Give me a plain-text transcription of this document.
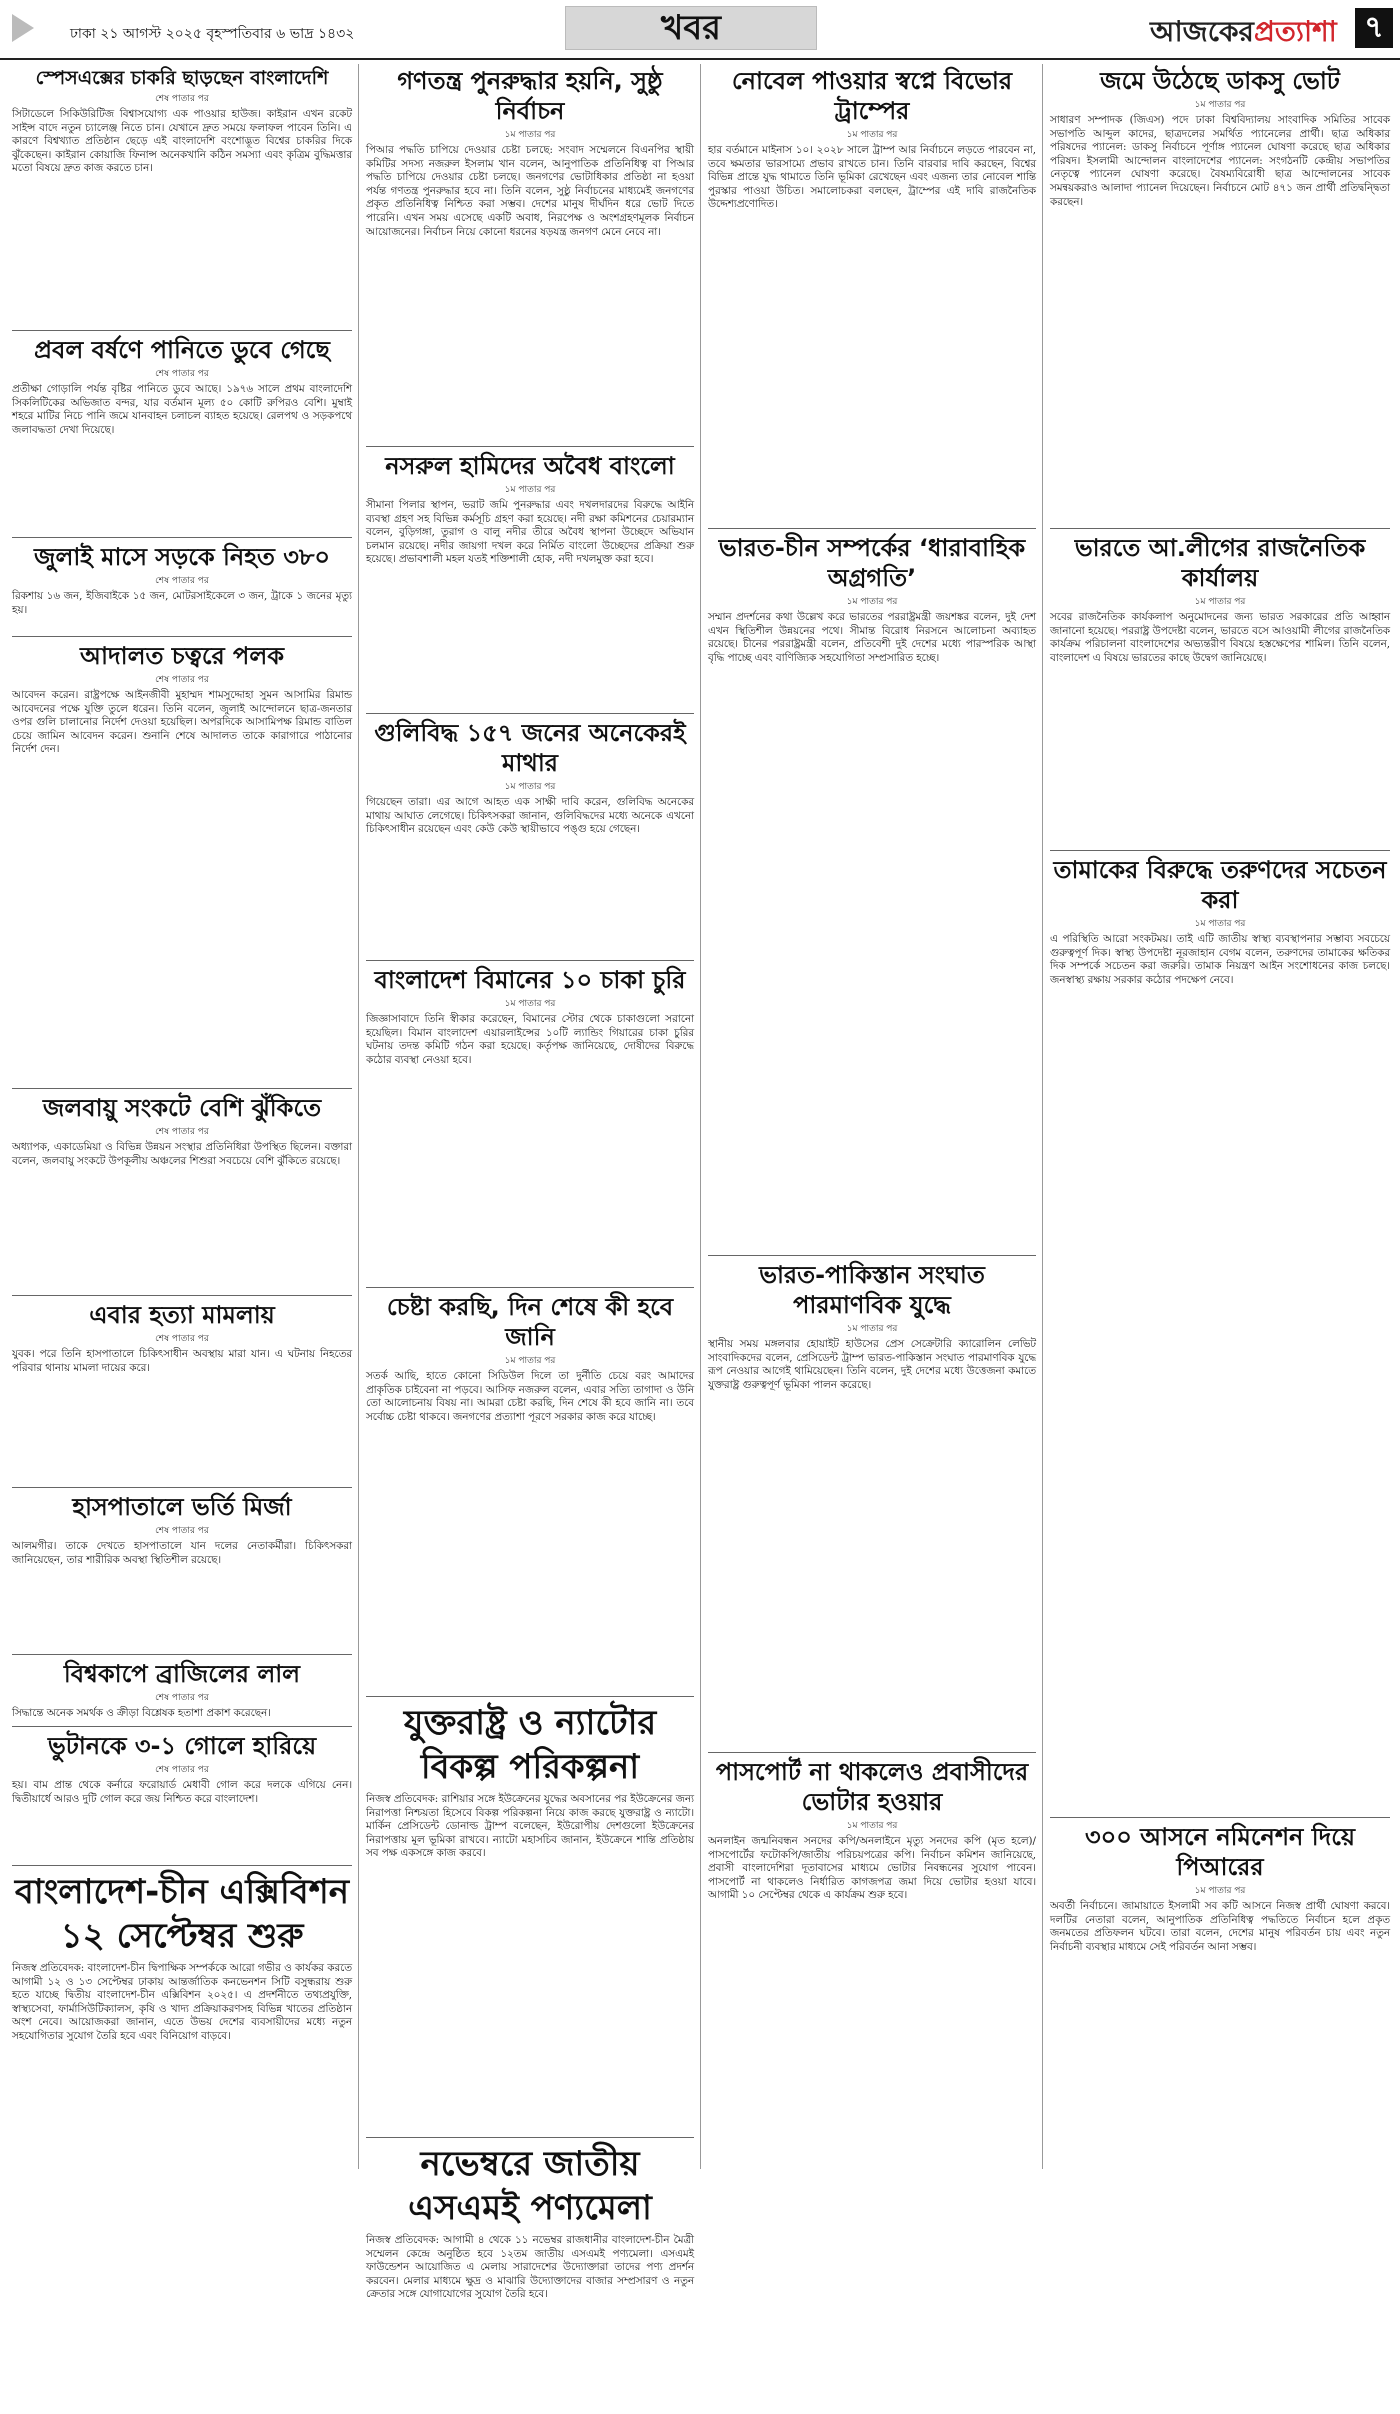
ঢাকা ২১ আগস্ট ২০২৫ বৃহস্পতিবার ৬ ভাদ্র ১৪৩২	খবর	আজকেরপ্রত্যাশা ৭
স্পেসএক্সের চাকরি ছাড়ছেন বাংলাদেশি
শেষ পাতার পর

সিটাডেলে সিকিউরিটিজ বিশ্বাসযোগ্য এক পাওয়ার হাউজ। কাইরান এখন রকেট সাইন্স বাদে নতুন চ্যালেঞ্জ নিতে চান। যেখানে দ্রুত সময়ে ফলাফল পাবেন তিনি। এ কারণে বিশ্বখ্যাত প্রতিষ্ঠান ছেড়ে এই বাংলাদেশি বংশোদ্ভূত বিশ্বের চাকরির দিকে ঝুঁকেছেন। কাইরান কোয়াজি ফিনান্স অনেকখানি কঠিন সমস্যা এবং কৃত্রিম বুদ্ধিমত্তার মতো বিষয়ে দ্রুত কাজ করতে চান।

প্রবল বর্ষণে পানিতে ডুবে গেছে
শেষ পাতার পর

প্রতীক্ষা গোড়ালি পর্যন্ত বৃষ্টির পানিতে ডুবে আছে। ১৯৭৬ সালে প্রথম বাংলাদেশি সিকলিটিকের অভিজাত বন্দর, যার বর্তমান মূল্য ৫০ কোটি রুপিরও বেশি। মুম্বাই শহরে মাটির নিচে পানি জমে যানবাহন চলাচল ব্যাহত হয়েছে। রেলপথ ও সড়কপথে জলাবদ্ধতা দেখা দিয়েছে।

জুলাই মাসে সড়কে নিহত ৩৮০
শেষ পাতার পর

রিকশায় ১৬ জন, ইজিবাইকে ১৫ জন, মোটরসাইকেলে ৩ জন, ট্রাকে ১ জনের মৃত্যু হয়।

আদালত চত্বরে পলক
শেষ পাতার পর

আবেদন করেন। রাষ্ট্রপক্ষে আইনজীবী মুহাম্মদ শামসুদ্দোহা সুমন আসামির রিমান্ড আবেদনের পক্ষে যুক্তি তুলে ধরেন। তিনি বলেন, জুলাই আন্দোলনে ছাত্র-জনতার ওপর গুলি চালানোর নির্দেশ দেওয়া হয়েছিল। অপরদিকে আসামিপক্ষ রিমান্ড বাতিল চেয়ে জামিন আবেদন করেন। শুনানি শেষে আদালত তাকে কারাগারে পাঠানোর নির্দেশ দেন।

জলবায়ু সংকটে বেশি ঝুঁকিতে
শেষ পাতার পর

অধ্যাপক, একাডেমিয়া ও বিভিন্ন উন্নয়ন সংস্থার প্রতিনিধিরা উপস্থিত ছিলেন। বক্তারা বলেন, জলবায়ু সংকটে উপকূলীয় অঞ্চলের শিশুরা সবচেয়ে বেশি ঝুঁকিতে রয়েছে।

এবার হত্যা মামলায়
শেষ পাতার পর

যুবক। পরে তিনি হাসপাতালে চিকিৎসাধীন অবস্থায় মারা যান। এ ঘটনায় নিহতের পরিবার থানায় মামলা দায়ের করে।

হাসপাতালে ভর্তি মির্জা
শেষ পাতার পর

আলমগীর। তাকে দেখতে হাসপাতালে যান দলের নেতাকর্মীরা। চিকিৎসকরা জানিয়েছেন, তার শারীরিক অবস্থা স্থিতিশীল রয়েছে।

বিশ্বকাপে ব্রাজিলের লাল
শেষ পাতার পর

সিদ্ধান্তে অনেক সমর্থক ও ক্রীড়া বিশ্লেষক হতাশা প্রকাশ করেছেন।

ভুটানকে ৩-১ গোলে হারিয়ে
শেষ পাতার পর

হয়। বাম প্রান্ত থেকে কর্নারে ফরোয়ার্ড মেধাবী গোল করে দলকে এগিয়ে নেন। দ্বিতীয়ার্ধে আরও দুটি গোল করে জয় নিশ্চিত করে বাংলাদেশ।

বাংলাদেশ-চীন এক্সিবিশন ১২ সেপ্টেম্বর শুরু

নিজস্ব প্রতিবেদক: বাংলাদেশ-চীন দ্বিপাক্ষিক সম্পর্ককে আরো গভীর ও কার্যকর করতে আগামী ১২ ও ১৩ সেপ্টেম্বর ঢাকায় আন্তর্জাতিক কনভেনশন সিটি বসুন্ধরায় শুরু হতে যাচ্ছে দ্বিতীয় বাংলাদেশ-চীন এক্সিবিশন ২০২৫। এ প্রদর্শনীতে তথ্যপ্রযুক্তি, স্বাস্থ্যসেবা, ফার্মাসিউটিক্যালস, কৃষি ও খাদ্য প্রক্রিয়াকরণসহ বিভিন্ন খাতের প্রতিষ্ঠান অংশ নেবে। আয়োজকরা জানান, এতে উভয় দেশের ব্যবসায়ীদের মধ্যে নতুন সহযোগিতার সুযোগ তৈরি হবে এবং বিনিয়োগ বাড়বে।

গণতন্ত্র পুনরুদ্ধার হয়নি, সুষ্ঠু নির্বাচন
১ম পাতার পর

পিআর পদ্ধতি চাপিয়ে দেওয়ার চেষ্টা চলছে: সংবাদ সম্মেলনে বিএনপির স্থায়ী কমিটির সদস্য নজরুল ইসলাম খান বলেন, আনুপাতিক প্রতিনিধিত্ব বা পিআর পদ্ধতি চাপিয়ে দেওয়ার চেষ্টা চলছে। জনগণের ভোটাধিকার প্রতিষ্ঠা না হওয়া পর্যন্ত গণতন্ত্র পুনরুদ্ধার হবে না। তিনি বলেন, সুষ্ঠু নির্বাচনের মাধ্যমেই জনগণের প্রকৃত প্রতিনিধিত্ব নিশ্চিত করা সম্ভব। দেশের মানুষ দীর্ঘদিন ধরে ভোট দিতে পারেনি। এখন সময় এসেছে একটি অবাধ, নিরপেক্ষ ও অংশগ্রহণমূলক নির্বাচন আয়োজনের। নির্বাচন নিয়ে কোনো ধরনের ষড়যন্ত্র জনগণ মেনে নেবে না।

নসরুল হামিদের অবৈধ বাংলো
১ম পাতার পর

সীমানা পিলার স্থাপন, ভরাট জমি পুনরুদ্ধার এবং দখলদারদের বিরুদ্ধে আইনি ব্যবস্থা গ্রহণ সহ বিভিন্ন কর্মসূচি গ্রহণ করা হয়েছে। নদী রক্ষা কমিশনের চেয়ারম্যান বলেন, বুড়িগঙ্গা, তুরাগ ও বালু নদীর তীরে অবৈধ স্থাপনা উচ্ছেদে অভিযান চলমান রয়েছে। নদীর জায়গা দখল করে নির্মিত বাংলো উচ্ছেদের প্রক্রিয়া শুরু হয়েছে। প্রভাবশালী মহল যতই শক্তিশালী হোক, নদী দখলমুক্ত করা হবে।

গুলিবিদ্ধ ১৫৭ জনের অনেকেরই মাথার
১ম পাতার পর

গিয়েছেন তারা। এর আগে আহত এক সাক্ষী দাবি করেন, গুলিবিদ্ধ অনেকের মাথায় আঘাত লেগেছে। চিকিৎসকরা জানান, গুলিবিদ্ধদের মধ্যে অনেকে এখনো চিকিৎসাধীন রয়েছেন এবং কেউ কেউ স্থায়ীভাবে পঙ্গু হয়ে গেছেন।

বাংলাদেশ বিমানের ১০ চাকা চুরি
১ম পাতার পর

জিজ্ঞাসাবাদে তিনি স্বীকার করেছেন, বিমানের স্টোর থেকে চাকাগুলো সরানো হয়েছিল। বিমান বাংলাদেশ এয়ারলাইন্সের ১০টি ল্যান্ডিং গিয়ারের চাকা চুরির ঘটনায় তদন্ত কমিটি গঠন করা হয়েছে। কর্তৃপক্ষ জানিয়েছে, দোষীদের বিরুদ্ধে কঠোর ব্যবস্থা নেওয়া হবে।

চেষ্টা করছি, দিন শেষে কী হবে জানি
১ম পাতার পর

সতর্ক আছি, হাতে কোনো সিডিউল দিলে তা দুর্নীতি চেয়ে বরং আমাদের প্রাকৃতিক চাইবেনা না পড়বে। আসিফ নজরুল বলেন, এবার সত্যি তাগাদা ও উনি তো আলোচনায় বিষয় না। আমরা চেষ্টা করছি, দিন শেষে কী হবে জানি না। তবে সর্বোচ্চ চেষ্টা থাকবে। জনগণের প্রত্যাশা পূরণে সরকার কাজ করে যাচ্ছে।

যুক্তরাষ্ট্র ও ন্যাটোর বিকল্প পরিকল্পনা

নিজস্ব প্রতিবেদক: রাশিয়ার সঙ্গে ইউক্রেনের যুদ্ধের অবসানের পর ইউক্রেনের জন্য নিরাপত্তা নিশ্চয়তা হিসেবে বিকল্প পরিকল্পনা নিয়ে কাজ করছে যুক্তরাষ্ট্র ও ন্যাটো। মার্কিন প্রেসিডেন্ট ডোনাল্ড ট্রাম্প বলেছেন, ইউরোপীয় দেশগুলো ইউক্রেনের নিরাপত্তায় মূল ভূমিকা রাখবে। ন্যাটো মহাসচিব জানান, ইউক্রেনে শান্তি প্রতিষ্ঠায় সব পক্ষ একসঙ্গে কাজ করবে।

নভেম্বরে জাতীয় এসএমই পণ্যমেলা

নিজস্ব প্রতিবেদক: আগামী ৪ থেকে ১১ নভেম্বর রাজধানীর বাংলাদেশ-চীন মৈত্রী সম্মেলন কেন্দ্রে অনুষ্ঠিত হবে ১২তম জাতীয় এসএমই পণ্যমেলা। এসএমই ফাউন্ডেশন আয়োজিত এ মেলায় সারাদেশের উদ্যোক্তারা তাদের পণ্য প্রদর্শন করবেন। মেলার মাধ্যমে ক্ষুদ্র ও মাঝারি উদ্যোক্তাদের বাজার সম্প্রসারণ ও নতুন ক্রেতার সঙ্গে যোগাযোগের সুযোগ তৈরি হবে।

নোবেল পাওয়ার স্বপ্নে বিভোর ট্রাম্পের
১ম পাতার পর

হার বর্তমানে মাইনাস ১০। ২০২৮ সালে ট্রাম্প আর নির্বাচনে লড়তে পারবেন না, তবে ক্ষমতার ভারসাম্যে প্রভাব রাখতে চান। তিনি বারবার দাবি করছেন, বিশ্বের বিভিন্ন প্রান্তে যুদ্ধ থামাতে তিনি ভূমিকা রেখেছেন এবং এজন্য তার নোবেল শান্তি পুরস্কার পাওয়া উচিত। সমালোচকরা বলছেন, ট্রাম্পের এই দাবি রাজনৈতিক উদ্দেশ্যপ্রণোদিত।

ভারত-চীন সম্পর্কের ‘ধারাবাহিক অগ্রগতি’
১ম পাতার পর

সম্মান প্রদর্শনের কথা উল্লেখ করে ভারতের পররাষ্ট্রমন্ত্রী জয়শঙ্কর বলেন, দুই দেশ এখন স্থিতিশীল উন্নয়নের পথে। সীমান্ত বিরোধ নিরসনে আলোচনা অব্যাহত রয়েছে। চীনের পররাষ্ট্রমন্ত্রী বলেন, প্রতিবেশী দুই দেশের মধ্যে পারস্পরিক আস্থা বৃদ্ধি পাচ্ছে এবং বাণিজ্যিক সহযোগিতা সম্প্রসারিত হচ্ছে।

ভারত-পাকিস্তান সংঘাত পারমাণবিক যুদ্ধে
১ম পাতার পর

স্থানীয় সময় মঙ্গলবার হোয়াইট হাউসের প্রেস সেক্রেটারি ক্যারোলিন লেভিট সাংবাদিকদের বলেন, প্রেসিডেন্ট ট্রাম্প ভারত-পাকিস্তান সংঘাত পারমাণবিক যুদ্ধে রূপ নেওয়ার আগেই থামিয়েছেন। তিনি বলেন, দুই দেশের মধ্যে উত্তেজনা কমাতে যুক্তরাষ্ট্র গুরুত্বপূর্ণ ভূমিকা পালন করেছে।

পাসপোর্ট না থাকলেও প্রবাসীদের ভোটার হওয়ার
১ম পাতার পর

অনলাইন জন্মনিবন্ধন সনদের কপি/অনলাইনে মৃত্যু সনদের কপি (মৃত হলে)/পাসপোর্টের ফটোকপি/জাতীয় পরিচয়পত্রের কপি। নির্বাচন কমিশন জানিয়েছে, প্রবাসী বাংলাদেশিরা দূতাবাসের মাধ্যমে ভোটার নিবন্ধনের সুযোগ পাবেন। পাসপোর্ট না থাকলেও নির্ধারিত কাগজপত্র জমা দিয়ে ভোটার হওয়া যাবে। আগামী ১০ সেপ্টেম্বর থেকে এ কার্যক্রম শুরু হবে।

জমে উঠেছে ডাকসু ভোট
১ম পাতার পর

সাধারণ সম্পাদক (জিএস) পদে ঢাকা বিশ্ববিদ্যালয় সাংবাদিক সমিতির সাবেক সভাপতি আব্দুল কাদের, ছাত্রদলের সমর্থিত প্যানেলের প্রার্থী। ছাত্র অধিকার পরিষদের প্যানেল: ডাকসু নির্বাচনে পূর্ণাঙ্গ প্যানেল ঘোষণা করেছে ছাত্র অধিকার পরিষদ। ইসলামী আন্দোলন বাংলাদেশের প্যানেল: সংগঠনটি কেন্দ্রীয় সভাপতির নেতৃত্বে প্যানেল ঘোষণা করেছে। বৈষম্যবিরোধী ছাত্র আন্দোলনের সাবেক সমন্বয়করাও আলাদা প্যানেল দিয়েছেন। নির্বাচনে মোট ৪৭১ জন প্রার্থী প্রতিদ্বন্দ্বিতা করছেন।

ভারতে আ.লীগের রাজনৈতিক কার্যালয়
১ম পাতার পর

সবের রাজনৈতিক কার্যকলাপ অনুমোদনের জন্য ভারত সরকারের প্রতি আহ্বান জানানো হয়েছে। পররাষ্ট্র উপদেষ্টা বলেন, ভারতে বসে আওয়ামী লীগের রাজনৈতিক কার্যক্রম পরিচালনা বাংলাদেশের অভ্যন্তরীণ বিষয়ে হস্তক্ষেপের শামিল। তিনি বলেন, বাংলাদেশ এ বিষয়ে ভারতের কাছে উদ্বেগ জানিয়েছে।

তামাকের বিরুদ্ধে তরুণদের সচেতন করা
১ম পাতার পর

এ পরিস্থিতি আরো সংকটময়। তাই এটি জাতীয় স্বাস্থ্য ব্যবস্থাপনার সম্ভাব্য সবচেয়ে গুরুত্বপূর্ণ দিক। স্বাস্থ্য উপদেষ্টা নূরজাহান বেগম বলেন, তরুণদের তামাকের ক্ষতিকর দিক সম্পর্কে সচেতন করা জরুরি। তামাক নিয়ন্ত্রণ আইন সংশোধনের কাজ চলছে। জনস্বাস্থ্য রক্ষায় সরকার কঠোর পদক্ষেপ নেবে।

৩০০ আসনে নমিনেশন দিয়ে পিআরের
১ম পাতার পর

অবর্তী নির্বাচনে। জামায়াতে ইসলামী সব কটি আসনে নিজস্ব প্রার্থী ঘোষণা করবে। দলটির নেতারা বলেন, আনুপাতিক প্রতিনিধিত্ব পদ্ধতিতে নির্বাচন হলে প্রকৃত জনমতের প্রতিফলন ঘটবে। তারা বলেন, দেশের মানুষ পরিবর্তন চায় এবং নতুন নির্বাচনী ব্যবস্থার মাধ্যমে সেই পরিবর্তন আনা সম্ভব।
